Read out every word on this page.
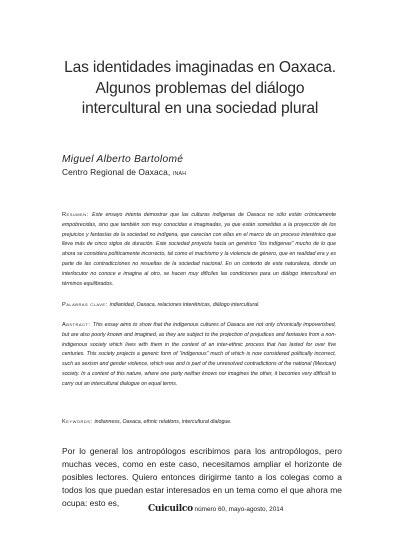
Las identidades imaginadas en Oaxaca.
Algunos problemas del diálogo
intercultural en una sociedad plural
Miguel Alberto Bartolomé
Centro Regional de Oaxaca, INAH

Resumen: Este ensayo intenta demostrar que las culturas indígenas de Oaxaca no sólo están crónicamente empobrecidas, sino que también son muy conocidas e imaginadas, ya que están sometidas a la proyección de los prejuicios y fantasías de la sociedad no indígena, que carecían con ellas en el marco de un proceso interétnico que lleva más de cinco siglos de duración. Este sociedad proyecta hacia un genérico “los indígenas” mucho de lo que ahora se considera políticamente incorrecto, tal como el machismo y la violencia de género, que en realidad era y es parte de las contradicciones no resueltas de la sociedad nacional. En un contexto de esta naturaleza, donde un interlocutor no conoce e imagina al otro, se hacen muy difíciles las condiciones para un diálogo intercultural en términos equilibrados.

Palabras clave: indianidad, Oaxaca, relaciones interétnicas, diálogo intercultural.

Abstract: This essay aims to show that the indigenous cultures of Oaxaca are not only chronically impoverished, but are also poorly known and imagined, as they are subject to the projection of prejudices and fantasies from a non-indigenous society which lives with them in the context of an inter-ethnic process that has lasted for over five centuries. This society projects a generic form of “indigenous” much of which is now considered politically incorrect, such as sexism and gender violence, which was and is part of the unresolved contradictions of the national (Mexican) society. In a context of this nature, where one party neither knows nor imagines the other, it becomes very difficult to carry out an intercultural dialogue on equal terms.

Keywords: indianness, Oaxaca, ethnic relations, intercultural dialogue.

Por lo general los antropólogos escribimos para los antropólogos, pero muchas veces, como en este caso, necesitamos ampliar el horizonte de posibles lectores. Quiero entonces dirigirme tanto a los colegas como a todos los que puedan estar interesados en un tema como el que ahora me ocupa: esto es,

Cuicuilco número 60, mayo-agosto, 2014
